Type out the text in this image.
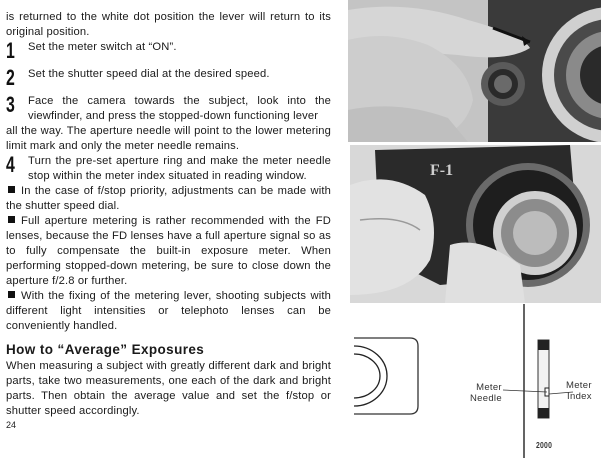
is returned to the white dot position the lever will return to its original position.

1 Set the meter switch at “ON”.
2 Set the shutter speed dial at the desired speed.
3 Face the camera towards the subject, look into the viewfinder, and press the stopped-down functioning lever

all the way. The aperture needle will point to the lower metering limit mark and only the meter needle remains.

4 Turn the pre-set aperture ring and make the meter needle stop within the meter index situated in reading window.

In the case of f/stop priority, adjustments can be made with the shutter speed dial.

Full aperture metering is rather recommended with the FD lenses, because the FD lenses have a full aperture signal so as to fully compensate the built-in exposure meter. When performing stopped-down metering, be sure to close down the aperture f/2.8 or further.

With the fixing of the metering lever, shooting subjects with different light intensities or telephoto lenses can be conveniently handled.

How to “Average” Exposures

When measuring a subject with greatly different dark and bright parts, take two measurements, one each of the dark and bright parts. Then obtain the average value and set the f/stop or shutter speed accordingly.

24
F-1
Meter
Needle
Meter
Index
2000
